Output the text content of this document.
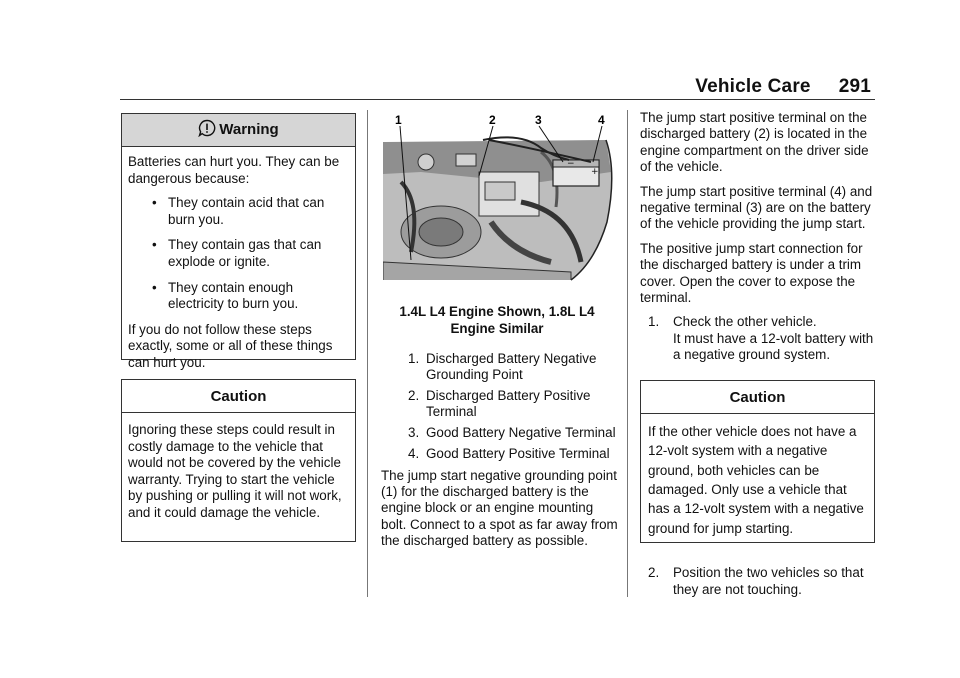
Vehicle Care 291
Warning

Batteries can hurt you. They can be dangerous because:

• They contain acid that can burn you.
• They contain gas that can explode or ignite.
• They contain enough electricity to burn you.

If you do not follow these steps exactly, some or all of these things can hurt you.

Caution
Ignoring these steps could result in costly damage to the vehicle that would not be covered by the vehicle warranty. Trying to start the vehicle by pushing or pulling it will not work, and it could damage the vehicle.
−
+
1	2	3	4
1.4L L4 Engine Shown, 1.8L L4
Engine Similar
1. Discharged Battery Negative Grounding Point
2. Discharged Battery Positive Terminal
3. Good Battery Negative Terminal
4. Good Battery Positive Terminal

The jump start negative grounding point (1) for the discharged battery is the engine block or an engine mounting bolt. Connect to a spot as far away from the discharged battery as possible.

The jump start positive terminal on the discharged battery (2) is located in the engine compartment on the driver side of the vehicle.

The jump start positive terminal (4) and negative terminal (3) are on the battery of the vehicle providing the jump start.

The positive jump start connection for the discharged battery is under a trim cover. Open the cover to expose the terminal.

1. Check the other vehicle.
It must have a 12-volt battery with a negative ground system.
Caution
If the other vehicle does not have a 12-volt system with a negative ground, both vehicles can be damaged. Only use a vehicle that has a 12-volt system with a negative ground for jump starting.
2. Position the two vehicles so that they are not touching.
